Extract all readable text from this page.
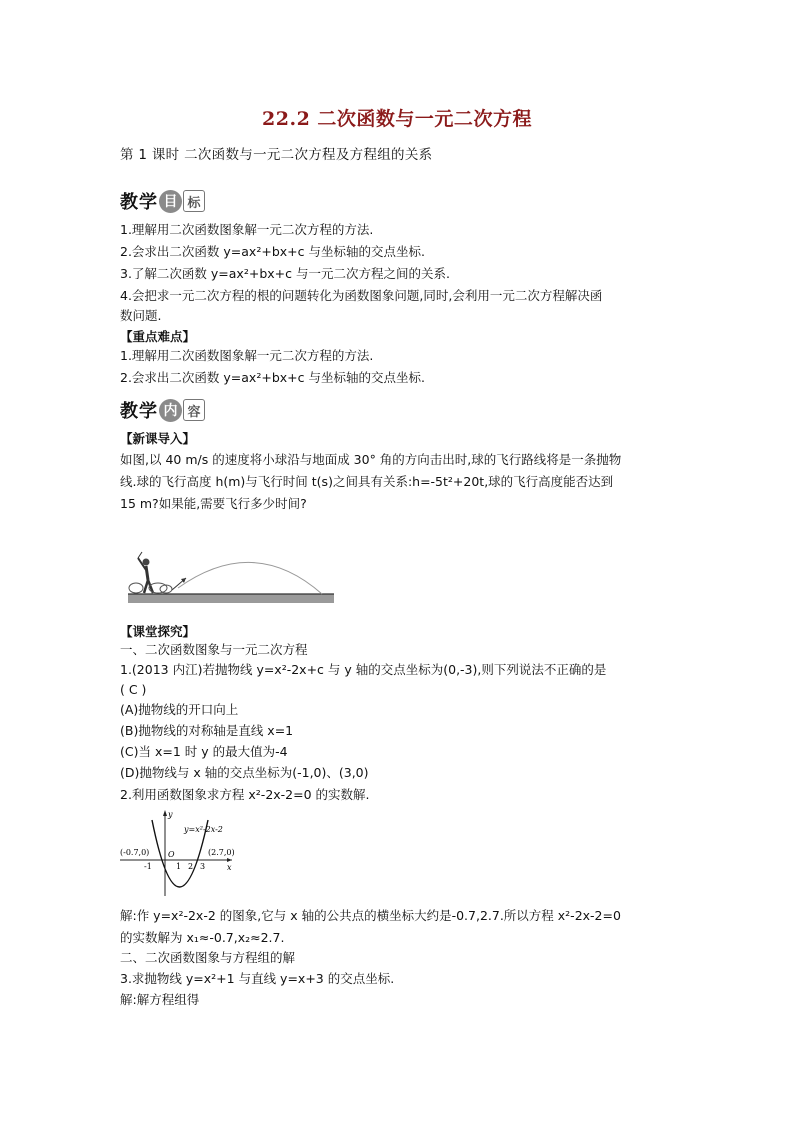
22.2 二次函数与一元二次方程
第 1 课时 二次函数与一元二次方程及方程组的关系
教学 目 标
1.理解用二次函数图象解一元二次方程的方法.
2.会求出二次函数 y=ax²+bx+c 与坐标轴的交点坐标.
3.了解二次函数 y=ax²+bx+c 与一元二次方程之间的关系.
4.会把求一元二次方程的根的问题转化为函数图象问题,同时,会利用一元二次方程解决函
数问题.
【重点难点】
1.理解用二次函数图象解一元二次方程的方法.
2.会求出二次函数 y=ax²+bx+c 与坐标轴的交点坐标.
教学 内 容
【新课导入】
如图,以 40 m/s 的速度将小球沿与地面成 30° 角的方向击出时,球的飞行路线将是一条抛物
线.球的飞行高度 h(m)与飞行时间 t(s)之间具有关系:h=-5t²+20t,球的飞行高度能否达到
15 m?如果能,需要飞行多少时间?
【课堂探究】
一、二次函数图象与一元二次方程
1.(2013 内江)若抛物线 y=x²-2x+c 与 y 轴的交点坐标为(0,-3),则下列说法不正确的是
( C )
(A)抛物线的开口向上
(B)抛物线的对称轴是直线 x=1
(C)当 x=1 时 y 的最大值为-4
(D)抛物线与 x 轴的交点坐标为(-1,0)、(3,0)
2.利用函数图象求方程 x²-2x-2=0 的实数解.
y
x
y=x²-2x-2
(-0.7,0)	(2.7,0)
O
-1	1 2 3
解:作 y=x²-2x-2 的图象,它与 x 轴的公共点的横坐标大约是-0.7,2.7.所以方程 x²-2x-2=0
的实数解为 x₁≈-0.7,x₂≈2.7.
二、二次函数图象与方程组的解
3.求抛物线 y=x²+1 与直线 y=x+3 的交点坐标.
解:解方程组得
